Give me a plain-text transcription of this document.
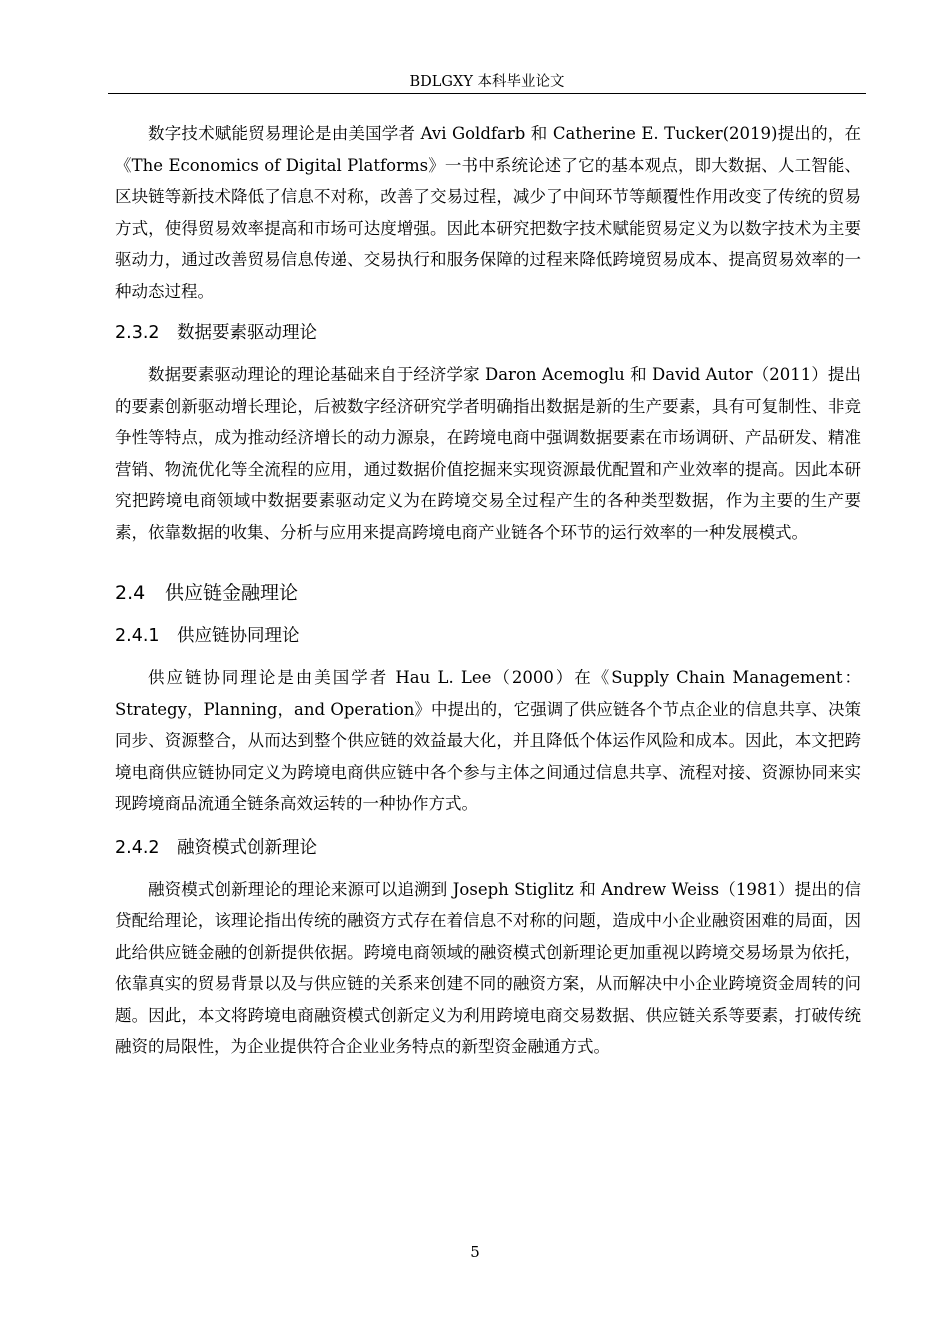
BDLGXY 本科毕业论文

数字技术赋能贸易理论是由美国学者 Avi Goldfarb 和 Catherine E. Tucker(2019)提出的，在《The Economics of Digital Platforms》一书中系统论述了它的基本观点，即大数据、人工智能、区块链等新技术降低了信息不对称，改善了交易过程，减少了中间环节等颠覆性作用改变了传统的贸易方式，使得贸易效率提高和市场可达度增强。因此本研究把数字技术赋能贸易定义为以数字技术为主要驱动力，通过改善贸易信息传递、交易执行和服务保障的过程来降低跨境贸易成本、提高贸易效率的一种动态过程。

2.3.2 数据要素驱动理论

数据要素驱动理论的理论基础来自于经济学家 Daron Acemoglu 和 David Autor（2011）提出的要素创新驱动增长理论，后被数字经济研究学者明确指出数据是新的生产要素，具有可复制性、非竞争性等特点，成为推动经济增长的动力源泉，在跨境电商中强调数据要素在市场调研、产品研发、精准营销、物流优化等全流程的应用，通过数据价值挖掘来实现资源最优配置和产业效率的提高。因此本研究把跨境电商领域中数据要素驱动定义为在跨境交易全过程产生的各种类型数据，作为主要的生产要素，依靠数据的收集、分析与应用来提高跨境电商产业链各个环节的运行效率的一种发展模式。

2.4 供应链金融理论
2.4.1 供应链协同理论

供应链协同理论是由美国学者 Hau L. Lee（2000）在《Supply Chain Management：Strategy，Planning，and Operation》中提出的，它强调了供应链各个节点企业的信息共享、决策同步、资源整合，从而达到整个供应链的效益最大化，并且降低个体运作风险和成本。因此，本文把跨境电商供应链协同定义为跨境电商供应链中各个参与主体之间通过信息共享、流程对接、资源协同来实现跨境商品流通全链条高效运转的一种协作方式。

2.4.2 融资模式创新理论

融资模式创新理论的理论来源可以追溯到 Joseph Stiglitz 和 Andrew Weiss（1981）提出的信贷配给理论，该理论指出传统的融资方式存在着信息不对称的问题，造成中小企业融资困难的局面，因此给供应链金融的创新提供依据。跨境电商领域的融资模式创新理论更加重视以跨境交易场景为依托，依靠真实的贸易背景以及与供应链的关系来创建不同的融资方案，从而解决中小企业跨境资金周转的问题。因此，本文将跨境电商融资模式创新定义为利用跨境电商交易数据、供应链关系等要素，打破传统融资的局限性，为企业提供符合企业业务特点的新型资金融通方式。

5
